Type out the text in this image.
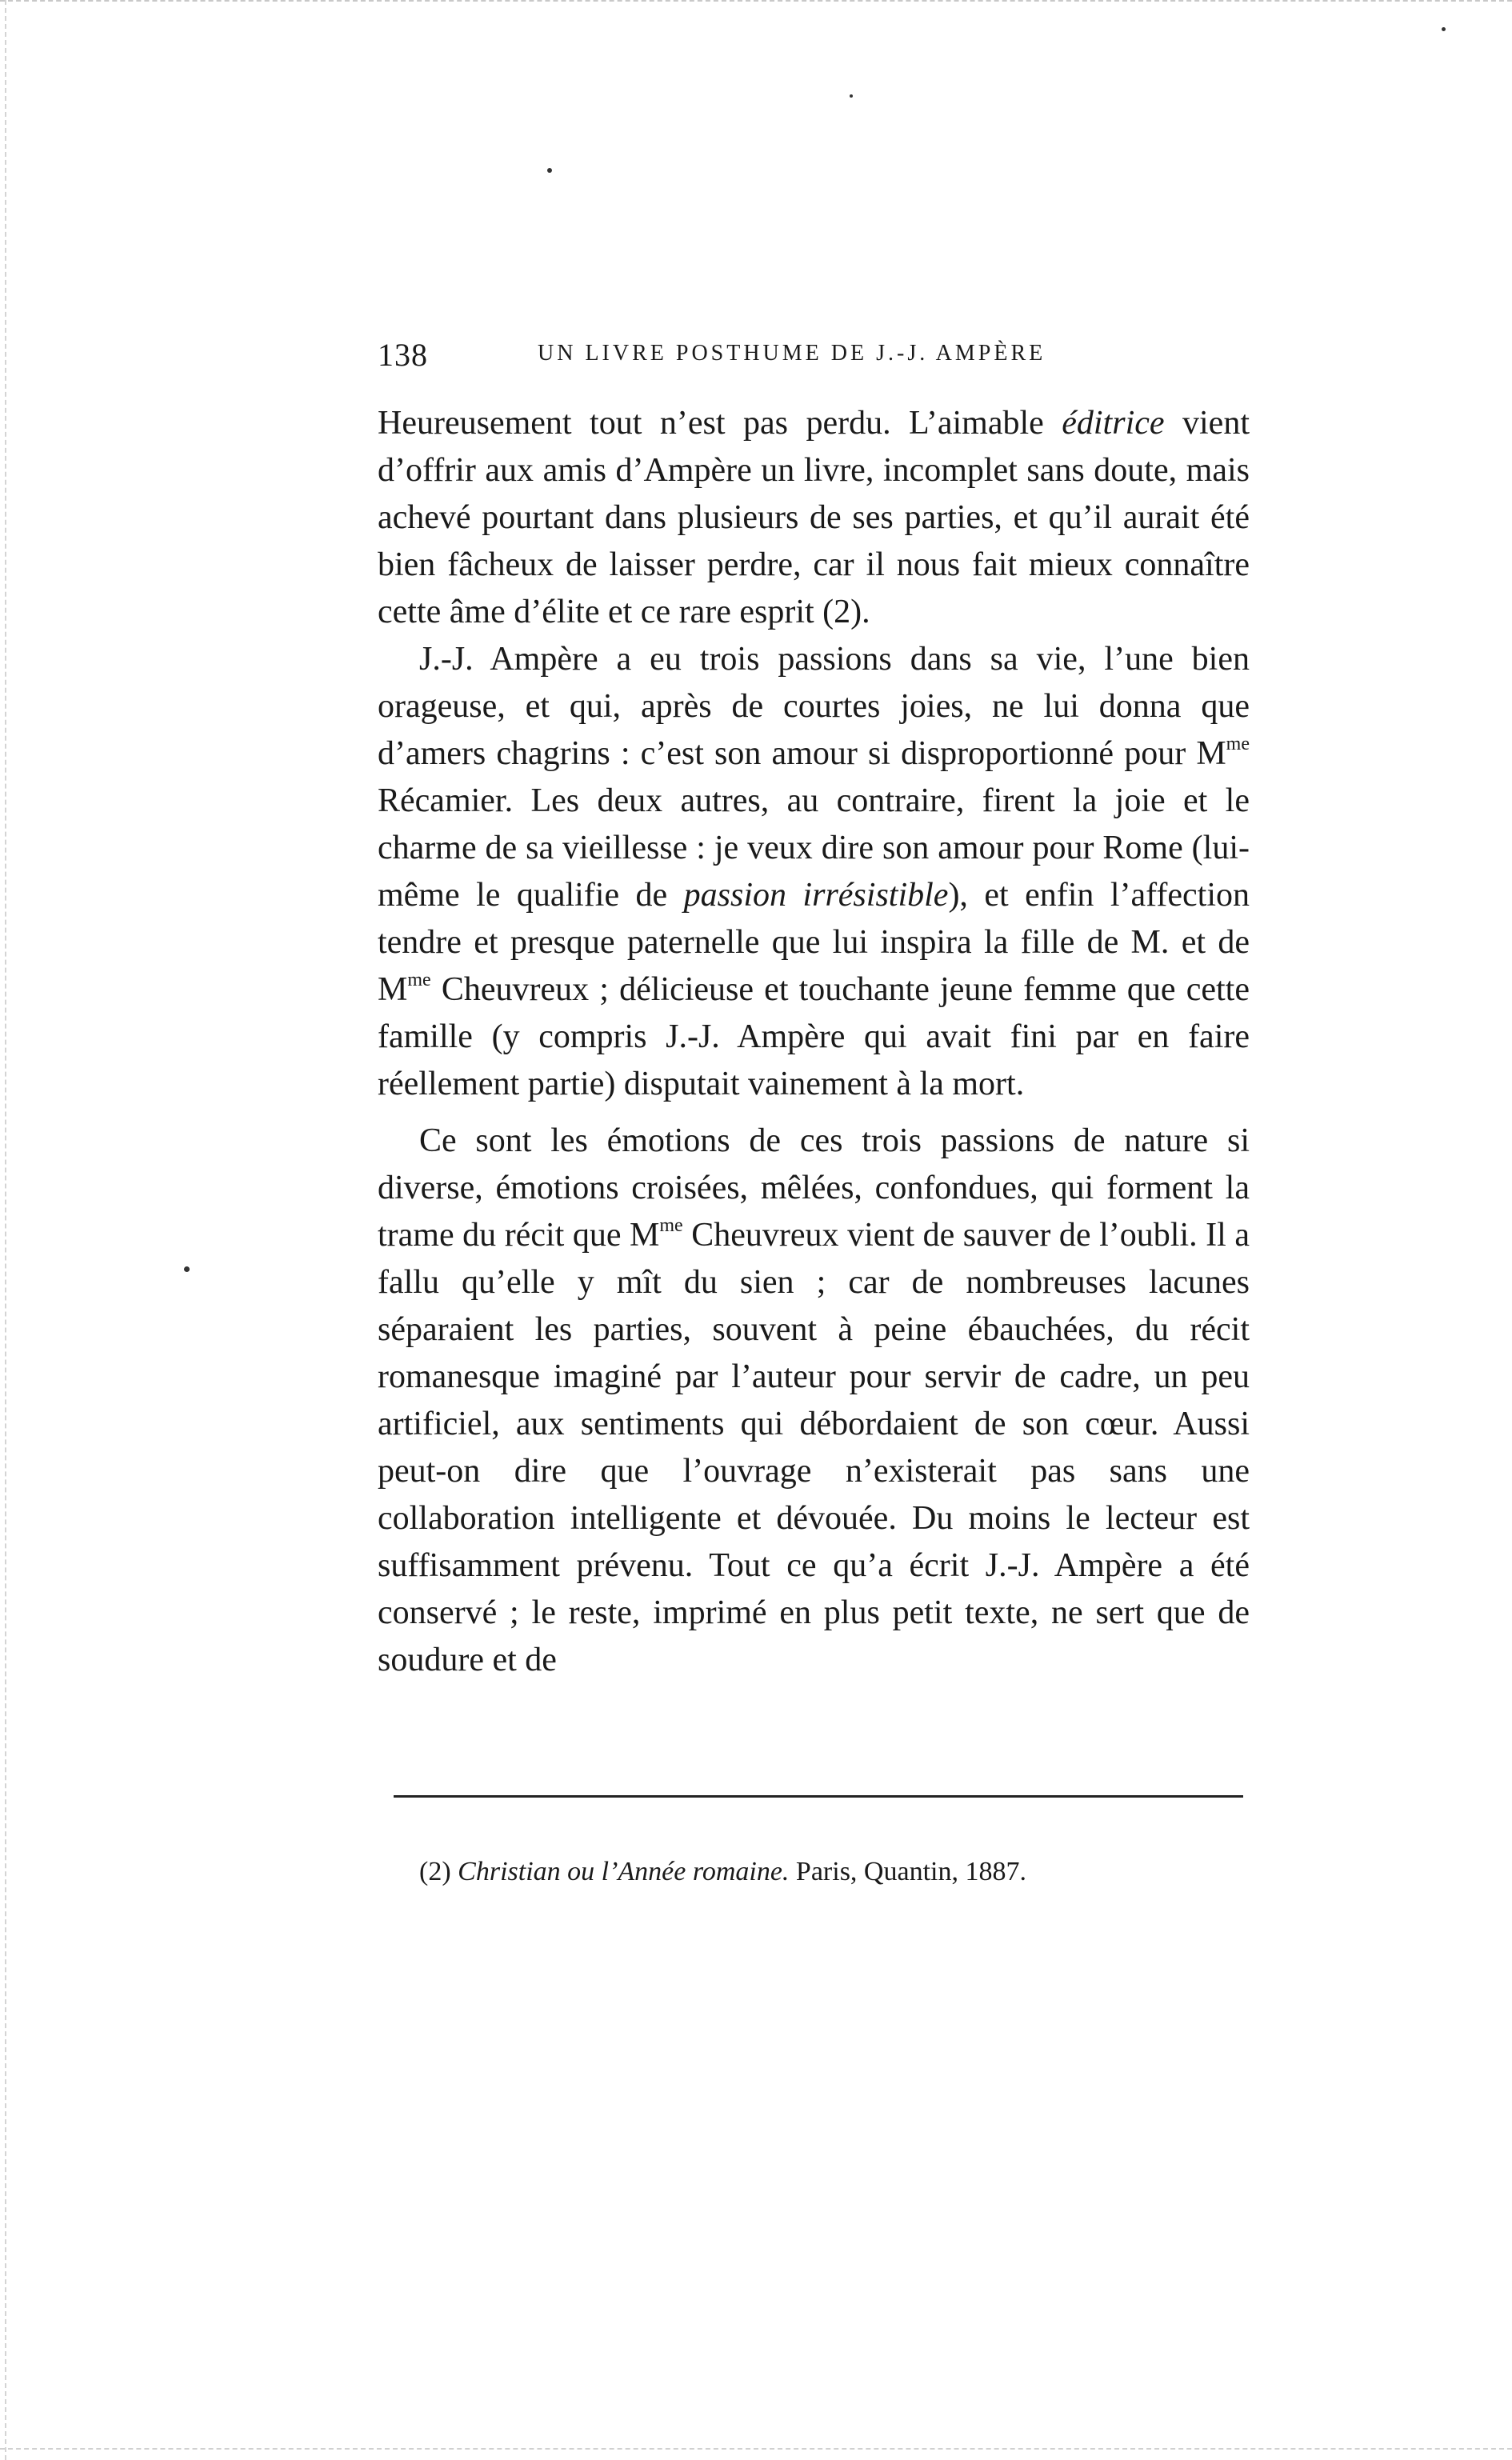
138	UN LIVRE POSTHUME DE J.-J. AMPÈRE

Heureusement tout n’est pas perdu. L’aimable éditrice vient d’offrir aux amis d’Ampère un livre, incomplet sans doute, mais achevé pourtant dans plusieurs de ses parties, et qu’il aurait été bien fâcheux de laisser perdre, car il nous fait mieux connaître cette âme d’élite et ce rare esprit (2).

J.-J. Ampère a eu trois passions dans sa vie, l’une bien orageuse, et qui, après de courtes joies, ne lui donna que d’amers chagrins : c’est son amour si disproportionné pour $M^{me}$ Récamier. Les deux autres, au contraire, firent la joie et le charme de sa vieillesse : je veux dire son amour pour Rome (lui-même le qualifie de passion irrésistible), et enfin l’affection tendre et presque paternelle que lui inspira la fille de M. et de $M^{me}$ Cheuvreux ; délicieuse et touchante jeune femme que cette famille (y compris J.-J. Ampère qui avait fini par en faire réellement partie) disputait vainement à la mort.

Ce sont les émotions de ces trois passions de nature si diverse, émotions croisées, mêlées, confondues, qui forment la trame du récit que $M^{me}$ Cheuvreux vient de sauver de l’oubli. Il a fallu qu’elle y mît du sien ; car de nombreuses lacunes séparaient les parties, souvent à peine ébauchées, du récit romanesque imaginé par l’auteur pour servir de cadre, un peu artificiel, aux sentiments qui débordaient de son cœur. Aussi peut-on dire que l’ouvrage n’existerait pas sans une collaboration intelligente et dévouée. Du moins le lecteur est suffisamment prévenu. Tout ce qu’a écrit J.-J. Ampère a été conservé ; le reste, imprimé en plus petit texte, ne sert que de soudure et de

(2) Christian ou l’Année romaine. Paris, Quantin, 1887.
